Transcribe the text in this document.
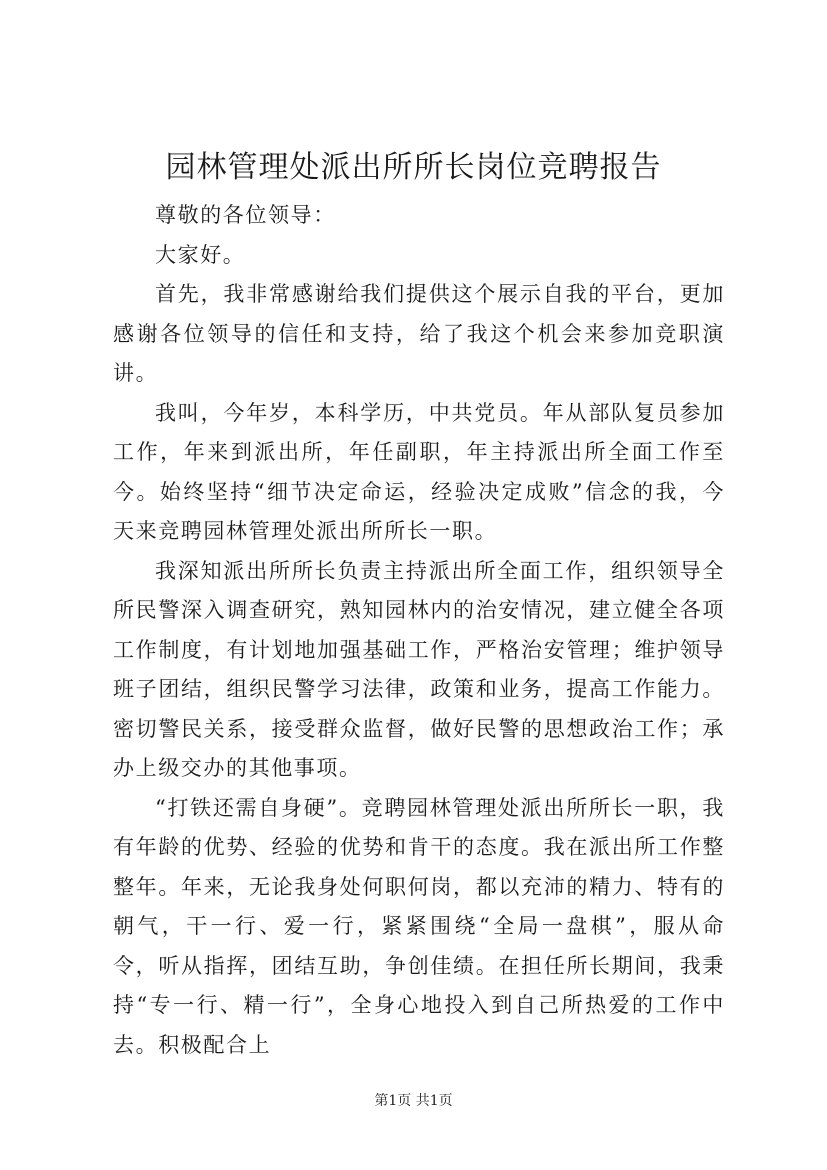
园林管理处派出所所长岗位竞聘报告

尊敬的各位领导：

大家好。

首先，我非常感谢给我们提供这个展示自我的平台，更加感谢各位领导的信任和支持，给了我这个机会来参加竞职演讲。

我叫，今年岁，本科学历，中共党员。年从部队复员参加工作，年来到派出所，年任副职，年主持派出所全面工作至今。始终坚持“细节决定命运，经验决定成败”信念的我，今天来竞聘园林管理处派出所所长一职。

我深知派出所所长负责主持派出所全面工作，组织领导全所民警深入调查研究，熟知园林内的治安情况，建立健全各项工作制度，有计划地加强基础工作，严格治安管理；维护领导班子团结，组织民警学习法律，政策和业务，提高工作能力。密切警民关系，接受群众监督，做好民警的思想政治工作；承办上级交办的其他事项。

“打铁还需自身硬”。竞聘园林管理处派出所所长一职，我有年龄的优势、经验的优势和肯干的态度。我在派出所工作整整年。年来，无论我身处何职何岗，都以充沛的精力、特有的朝气，干一行、爱一行，紧紧围绕“全局一盘棋”，服从命令，听从指挥，团结互助，争创佳绩。在担任所长期间，我秉持“专一行、精一行”，全身心地投入到自己所热爱的工作中去。积极配合上

第1页 共1页
